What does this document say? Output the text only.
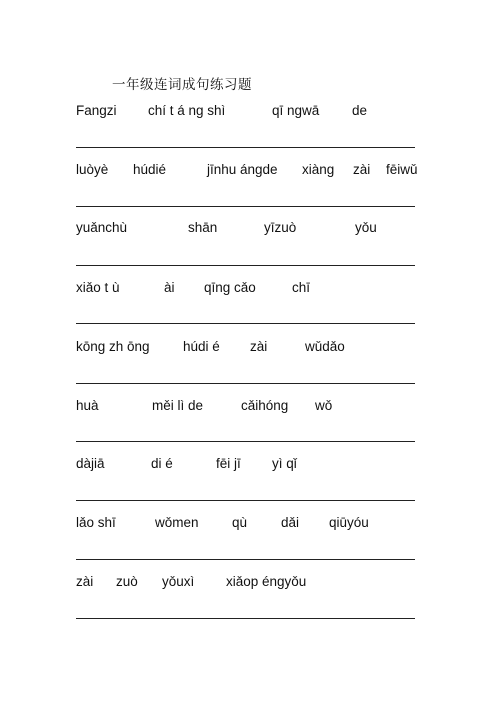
一年级连词成句练习题
Fangzi chí t á ng shì	qī ngwā de
luòyè húdié	jīnhu ángde xiàng zài fēiwǔ
yuǎnchù	shān	yīzuò	yǒu
xiǎo t ù	ài qīng cǎo	chī
kōng zh ōng húdi é zài	wǔdǎo
huà	měi lì de	cǎihóng wǒ
dàjiā	di é	fēi jī yì qǐ
lǎo shī	wǒmen qù	dǎi qiūyóu
zài zuò yǒuxì xiǎop éngyǒu
